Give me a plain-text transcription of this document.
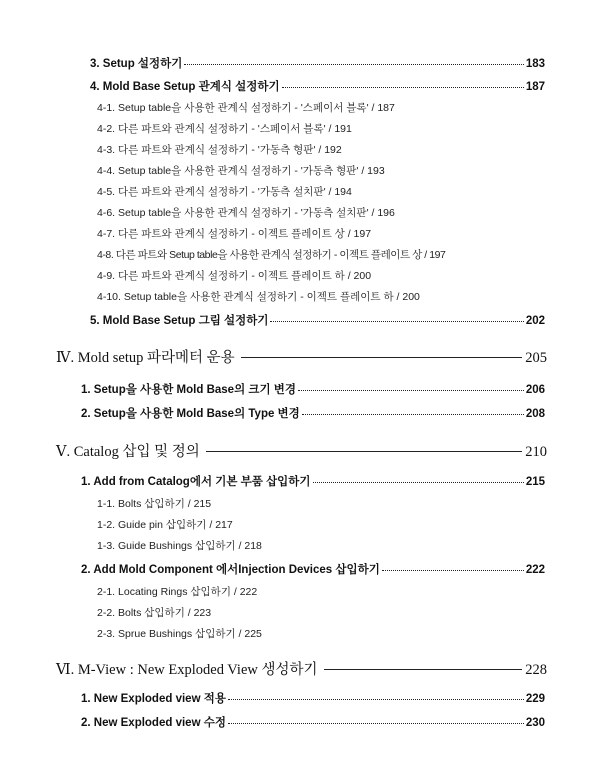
3. Setup 설정하기	183
4. Mold Base Setup 관계식 설정하기	187
4-1. Setup table을 사용한 관계식 설정하기 - '스페이서 블록' / 187
4-2. 다른 파트와 관계식 설정하기 - '스페이서 블록' / 191
4-3. 다른 파트와 관계식 설정하기 - '가동측 형판' / 192
4-4. Setup table을 사용한 관계식 설정하기 - '가동측 형판' / 193
4-5. 다른 파트와 관계식 설정하기 - '가동측 설치판' / 194
4-6. Setup table을 사용한 관계식 설정하기 - '가동측 설치판' / 196
4-7. 다른 파트와 관계식 설정하기 - 이젝트 플레이트 상 / 197
4-8. 다른 파트와 Setup table을 사용한 관계식 설정하기 - 이젝트 플레이트 상 / 197
4-9. 다른 파트와 관계식 설정하기 - 이젝트 플레이트 하 / 200
4-10. Setup table을 사용한 관계식 설정하기 - 이젝트 플레이트 하 / 200
5. Mold Base Setup 그림 설정하기	202
Ⅳ. Mold setup 파라메터 운용	205
1. Setup을 사용한 Mold Base의 크기 변경	206
2. Setup을 사용한 Mold Base의 Type 변경	208
Ⅴ. Catalog 삽입 및 정의	210
1. Add from Catalog에서 기본 부품 삽입하기	215
1-1. Bolts 삽입하기 / 215
1-2. Guide pin 삽입하기 / 217
1-3. Guide Bushings 삽입하기 / 218
2. Add Mold Component 에서Injection Devices 삽입하기	222
2-1. Locating Rings 삽입하기 / 222
2-2. Bolts 삽입하기 / 223
2-3. Sprue Bushings 삽입하기 / 225
Ⅵ. M-View : New Exploded View 생성하기	228
1. New Exploded view 적용	229
2. New Exploded view 수정	230
